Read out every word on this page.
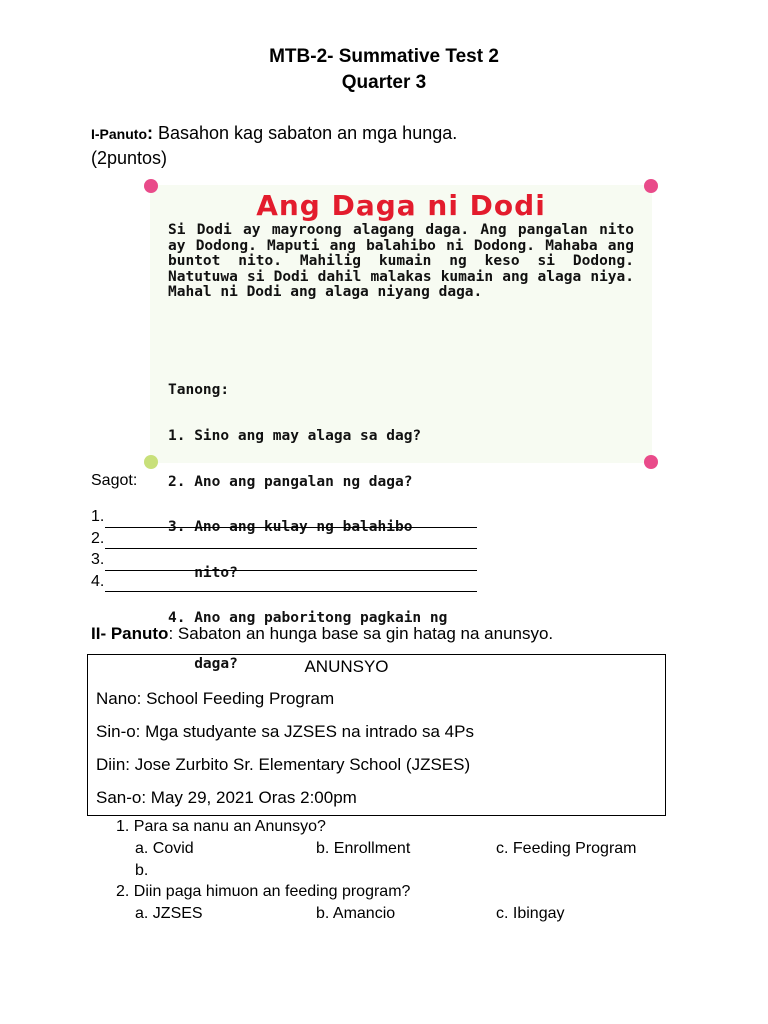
MTB-2- Summative Test 2
Quarter 3
I-Panuto: Basahon kag sabaton an mga hunga.
(2puntos)
Ang Daga ni Dodi
Si Dodi ay mayroong alagang daga. Ang pangalan nito ay Dodong. Maputi ang balahibo ni Dodong. Mahaba ang buntot nito. Mahilig kumain ng keso si Dodong. Natutuwa si Dodi dahil malakas kumain ang alaga niya. Mahal ni Dodi ang alaga niyang daga.

Tanong:

1. Sino ang may alaga sa dag?

2. Ano ang pangalan ng daga?

3. Ano ang kulay ng balahibo

nito?

4. Ano ang paboritong pagkain ng

daga?

Sagot:
1.
2.
3.
4.
II- Panuto: Sabaton an hunga base sa gin hatag na anunsyo.
ANUNSYO
Nano: School Feeding Program
Sin-o: Mga studyante sa JZSES na intrado sa 4Ps
Diin: Jose Zurbito Sr. Elementary School (JZSES)
San-o: May 29, 2021 Oras 2:00pm
1. Para sa nanu an Anunsyo?
a. Covid	b. Enrollment	c. Feeding Program
b.
2. Diin paga himuon an feeding program?
a. JZSES	b. Amancio	c. Ibingay
